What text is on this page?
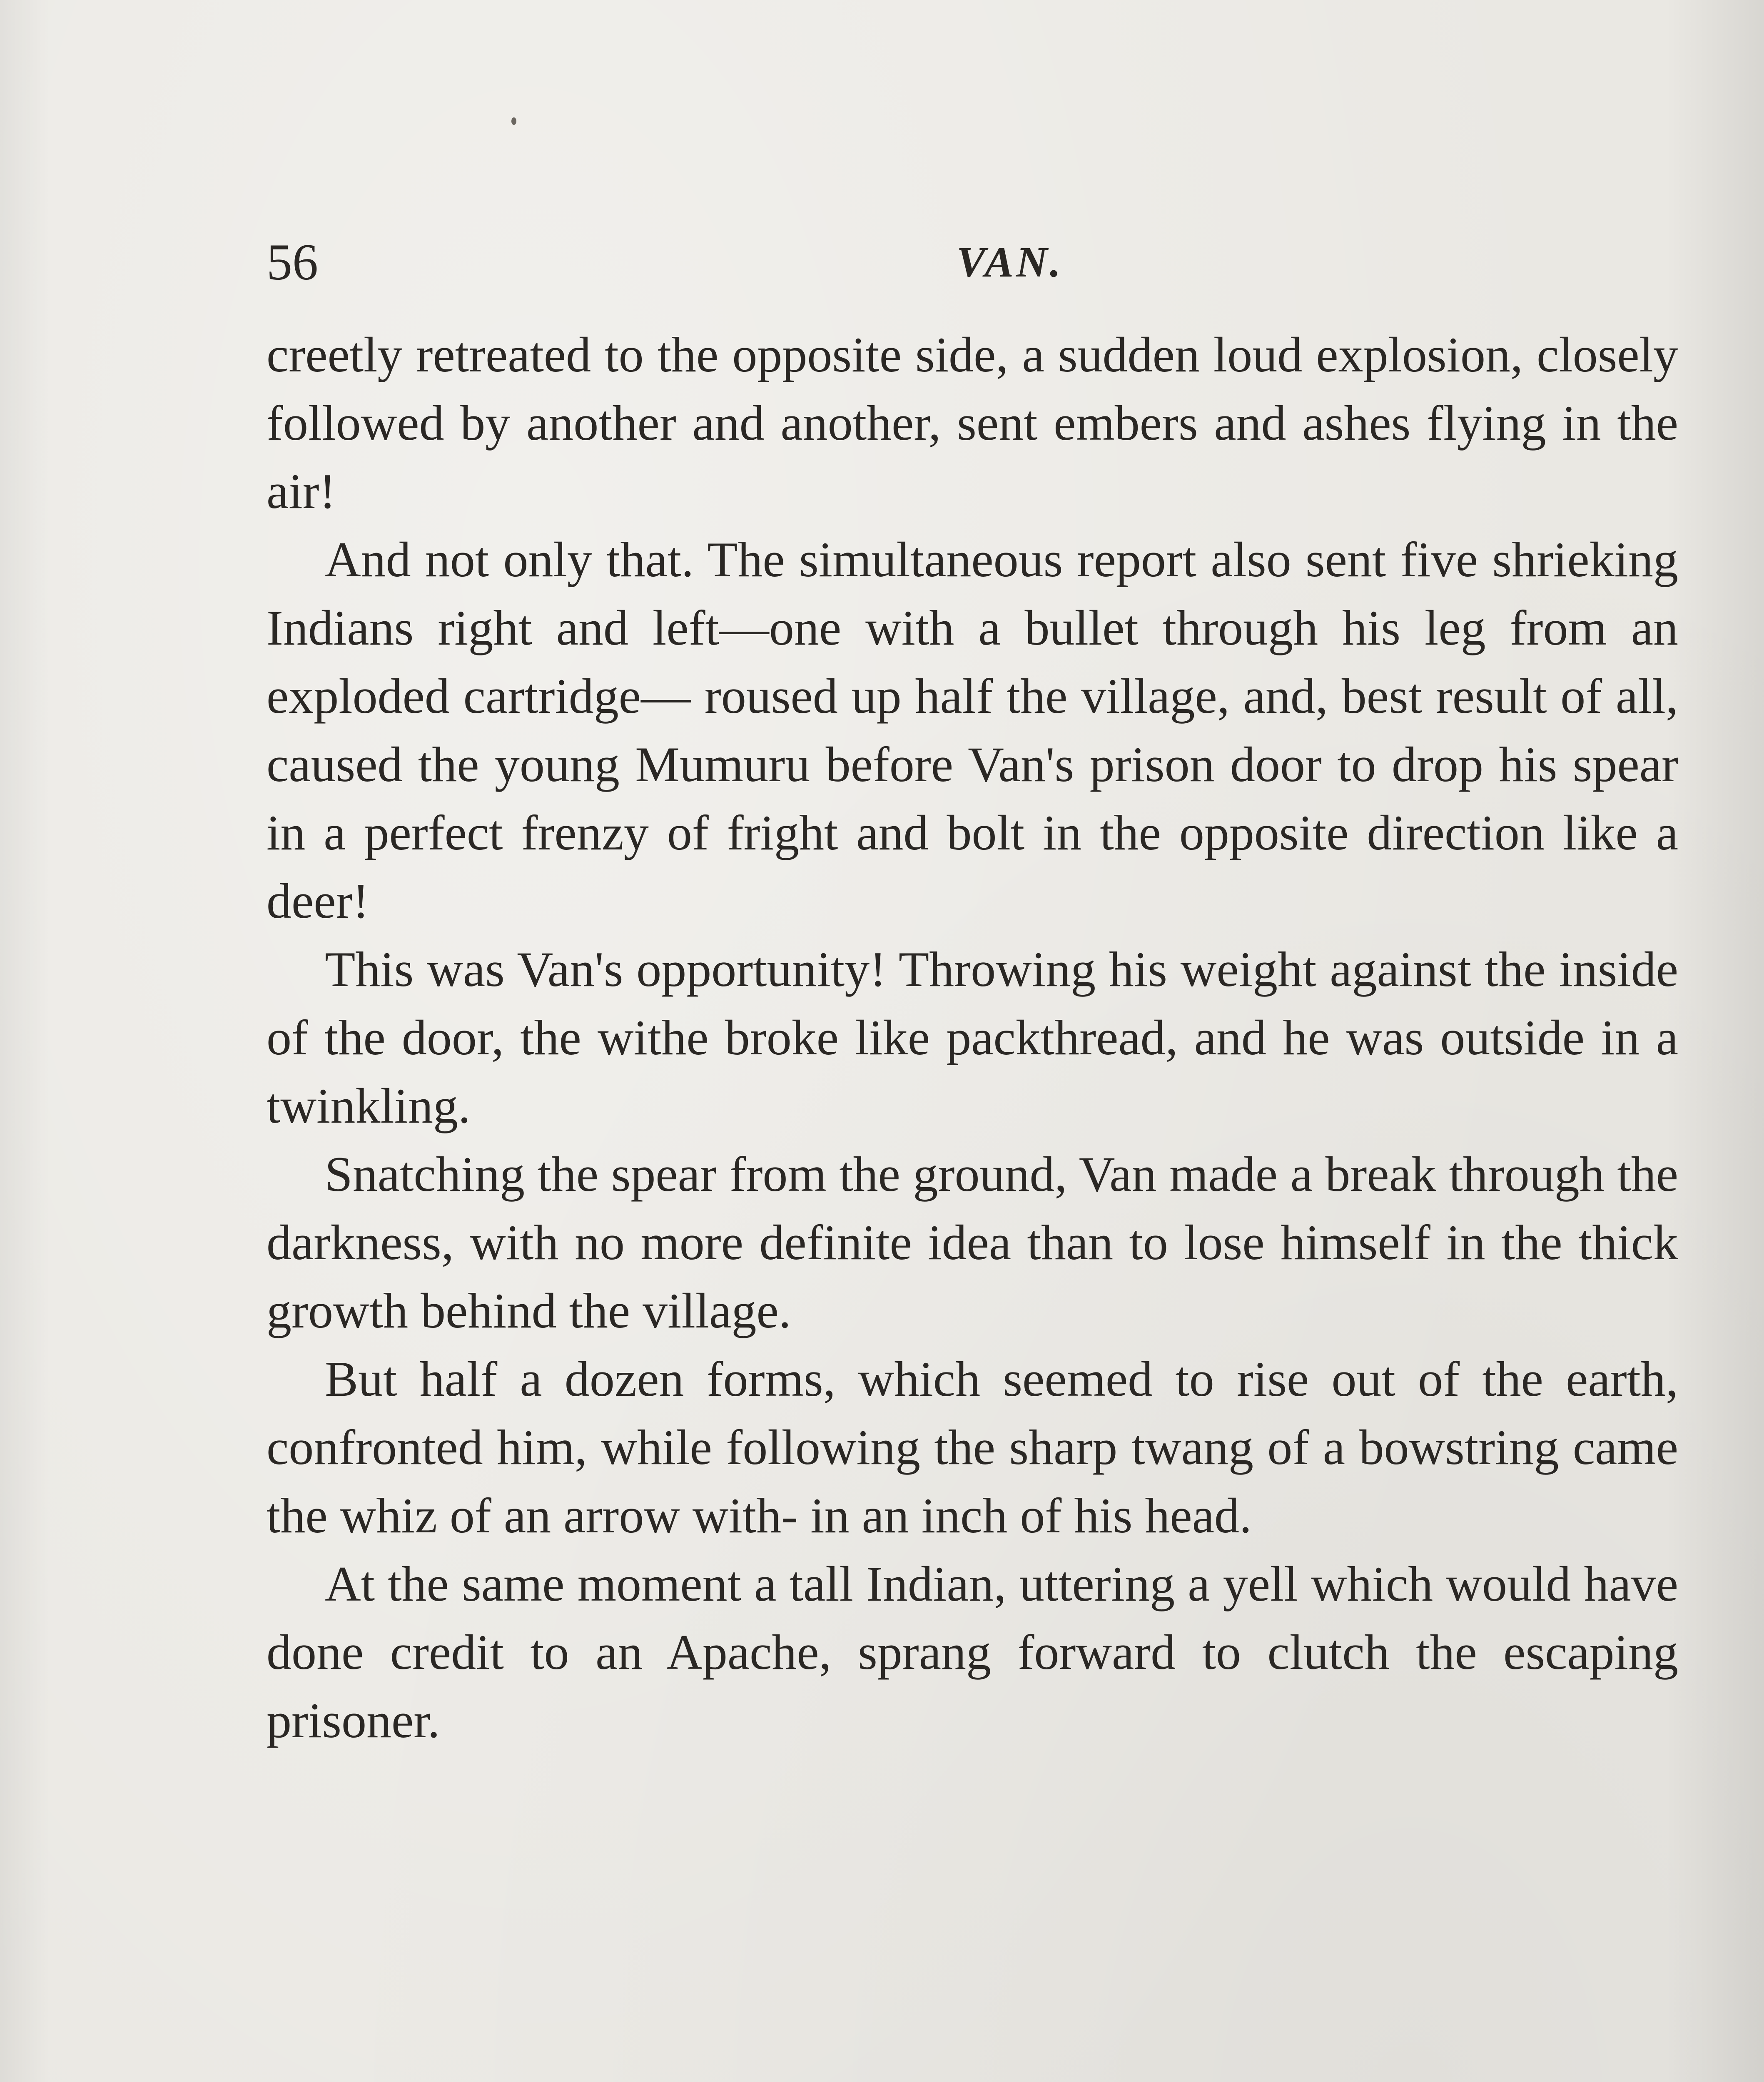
56	VAN.

creetly retreated to the opposite side, a sudden loud explosion, closely followed by another and another, sent embers and ashes flying in the air!

And not only that. The simultaneous report also sent five shrieking Indians right and left—one with a bullet through his leg from an exploded cartridge— roused up half the village, and, best result of all, caused the young Mumuru before Van's prison door to drop his spear in a perfect frenzy of fright and bolt in the opposite direction like a deer!

This was Van's opportunity! Throwing his weight against the inside of the door, the withe broke like packthread, and he was outside in a twinkling.

Snatching the spear from the ground, Van made a break through the darkness, with no more definite idea than to lose himself in the thick growth behind the village.

But half a dozen forms, which seemed to rise out of the earth, confronted him, while following the sharp twang of a bowstring came the whiz of an arrow with- in an inch of his head.

At the same moment a tall Indian, uttering a yell which would have done credit to an Apache, sprang forward to clutch the escaping prisoner.
